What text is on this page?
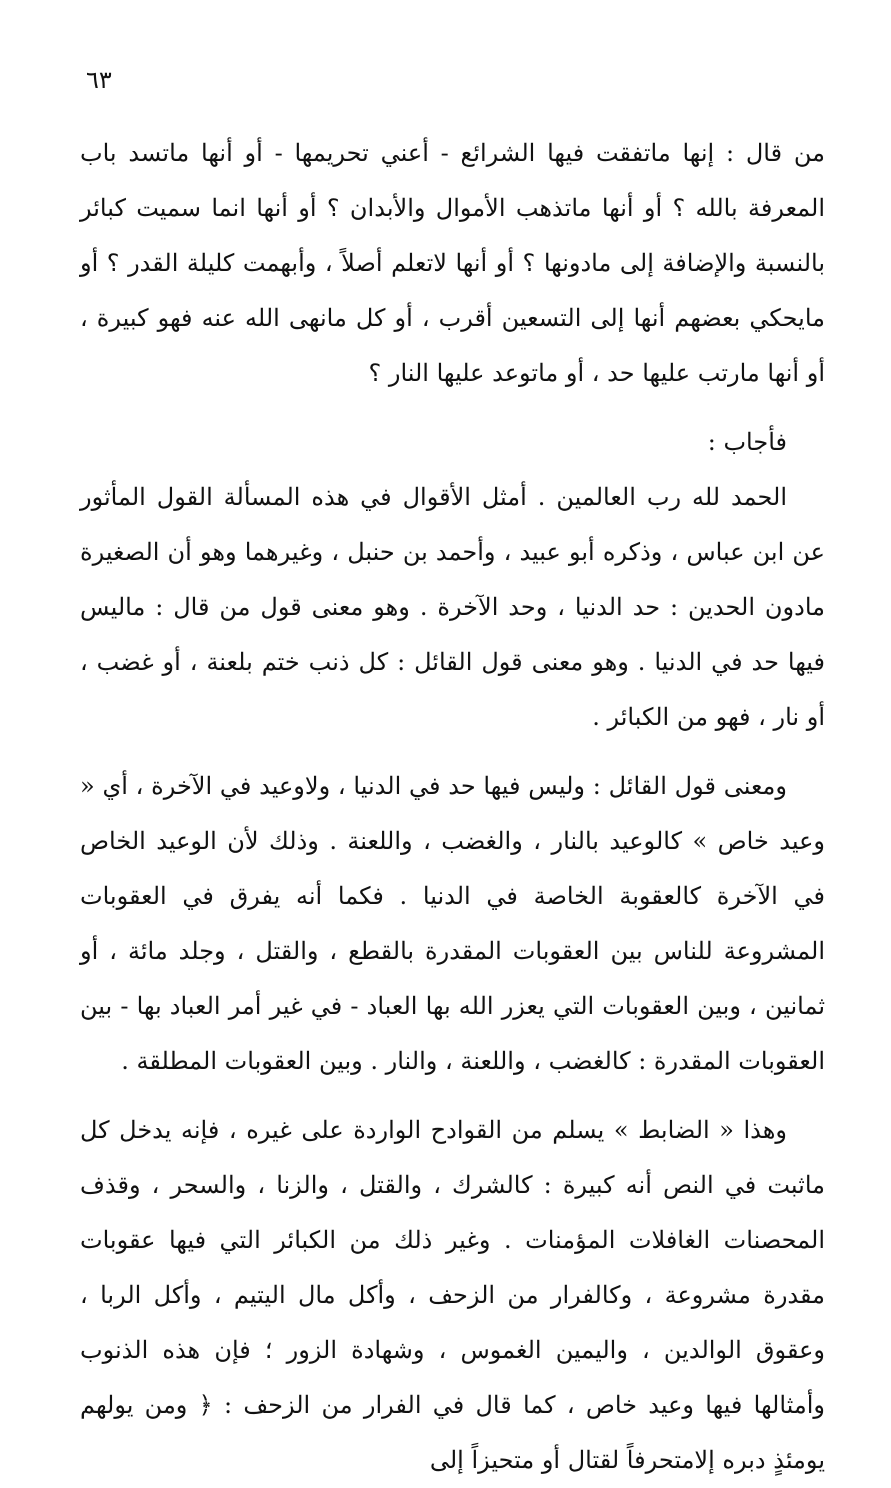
٦٣

من قال : إنها ماتفقت فيها الشرائع - أعني تحريمها - أو أنها ماتسد باب المعرفة بالله ؟ أو أنها ماتذهب الأموال والأبدان ؟ أو أنها انما سميت كبائر بالنسبة والإضافة إلى مادونها ؟ أو أنها لاتعلم أصلاً ، وأبهمت كليلة القدر ؟ أو مايحكي بعضهم أنها إلى التسعين أقرب ، أو كل مانهى الله عنه فهو كبيرة ، أو أنها مارتب عليها حد ، أو ماتوعد عليها النار ؟

فأجاب :

الحمد لله رب العالمين . أمثل الأقوال في هذه المسألة القول المأثور عن ابن عباس ، وذكره أبو عبيد ، وأحمد بن حنبل ، وغيرهما وهو أن الصغيرة مادون الحدين : حد الدنيا ، وحد الآخرة . وهو معنى قول من قال : ماليس فيها حد في الدنيا . وهو معنى قول القائل : كل ذنب ختم بلعنة ، أو غضب ، أو نار ، فهو من الكبائر .

ومعنى قول القائل : وليس فيها حد في الدنيا ، ولاوعيد في الآخرة ، أي « وعيد خاص » كالوعيد بالنار ، والغضب ، واللعنة . وذلك لأن الوعيد الخاص في الآخرة كالعقوبة الخاصة في الدنيا . فكما أنه يفرق في العقوبات المشروعة للناس بين العقوبات المقدرة بالقطع ، والقتل ، وجلد مائة ، أو ثمانين ، وبين العقوبات التي يعزر الله بها العباد - في غير أمر العباد بها - بين العقوبات المقدرة : كالغضب ، واللعنة ، والنار . وبين العقوبات المطلقة .

وهذا « الضابط » يسلم من القوادح الواردة على غيره ، فإنه يدخل كل ماثبت في النص أنه كبيرة : كالشرك ، والقتل ، والزنا ، والسحر ، وقذف المحصنات الغافلات المؤمنات . وغير ذلك من الكبائر التي فيها عقوبات مقدرة مشروعة ، وكالفرار من الزحف ، وأكل مال اليتيم ، وأكل الربا ، وعقوق الوالدين ، واليمين الغموس ، وشهادة الزور ؛ فإن هذه الذنوب وأمثالها فيها وعيد خاص ، كما قال في الفرار من الزحف : ﴿ ومن يولهم يومئذٍ دبره إلامتحرفاً لقتال أو متحيزاً إلى
